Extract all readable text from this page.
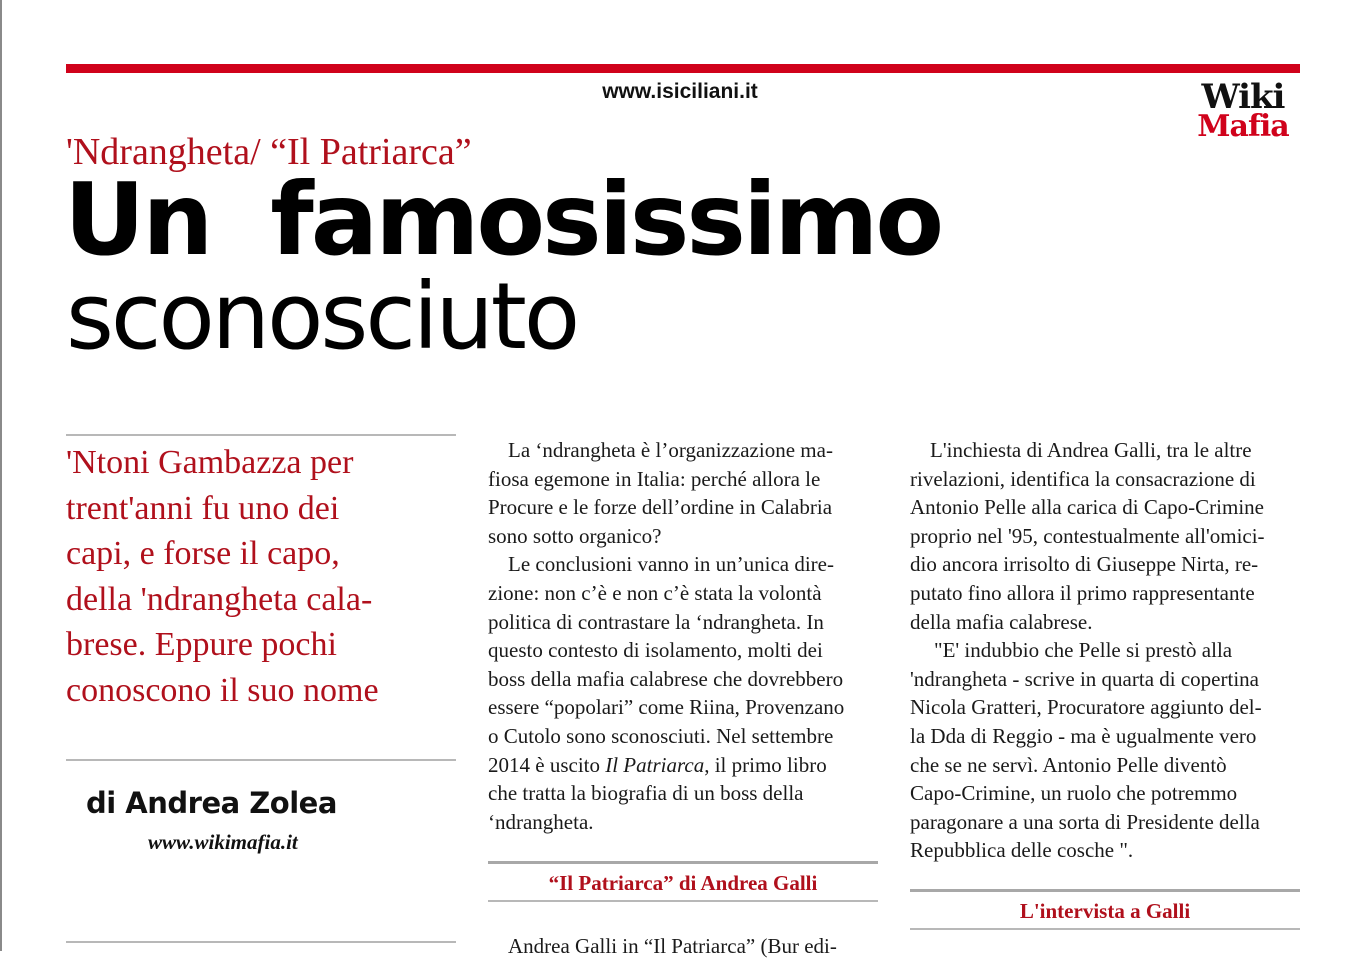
www.isiciliani.it	Wiki
Mafia
'Ndrangheta/ “Il Patriarca”
Un famosissimo
sconosciuto
'Ntoni Gambazza per
trent'anni fu uno dei
capi, e forse il capo,
della 'ndrangheta cala-
brese. Eppure pochi
conoscono il suo nome
di Andrea Zolea
www.wikimafia.it
La ‘ndrangheta è l’organizzazione ma-
fiosa egemone in Italia: perché allora le
Procure e le forze dell’ordine in Calabria
sono sotto organico?
Le conclusioni vanno in un’unica dire-
zione: non c’è e non c’è stata la volontà
politica di contrastare la ‘ndrangheta. In
questo contesto di isolamento, molti dei
boss della mafia calabrese che dovrebbero
essere “popolari” come Riina, Provenzano
o Cutolo sono sconosciuti. Nel settembre
2014 è uscito Il Patriarca, il primo libro
che tratta la biografia di un boss della
‘ndrangheta.
“Il Patriarca” di Andrea Galli
Andrea Galli in “Il Patriarca” (Bur edi-
L'inchiesta di Andrea Galli, tra le altre
rivelazioni, identifica la consacrazione di
Antonio Pelle alla carica di Capo-Crimine
proprio nel '95, contestualmente all'omici-
dio ancora irrisolto di Giuseppe Nirta, re-
putato fino allora il primo rappresentante
della mafia calabrese.
"E' indubbio che Pelle si prestò alla
'ndrangheta - scrive in quarta di copertina
Nicola Gratteri, Procuratore aggiunto del-
la Dda di Reggio - ma è ugualmente vero
che se ne servì. Antonio Pelle diventò
Capo-Crimine, un ruolo che potremmo
paragonare a una sorta di Presidente della
Repubblica delle cosche ".
L'intervista a Galli
